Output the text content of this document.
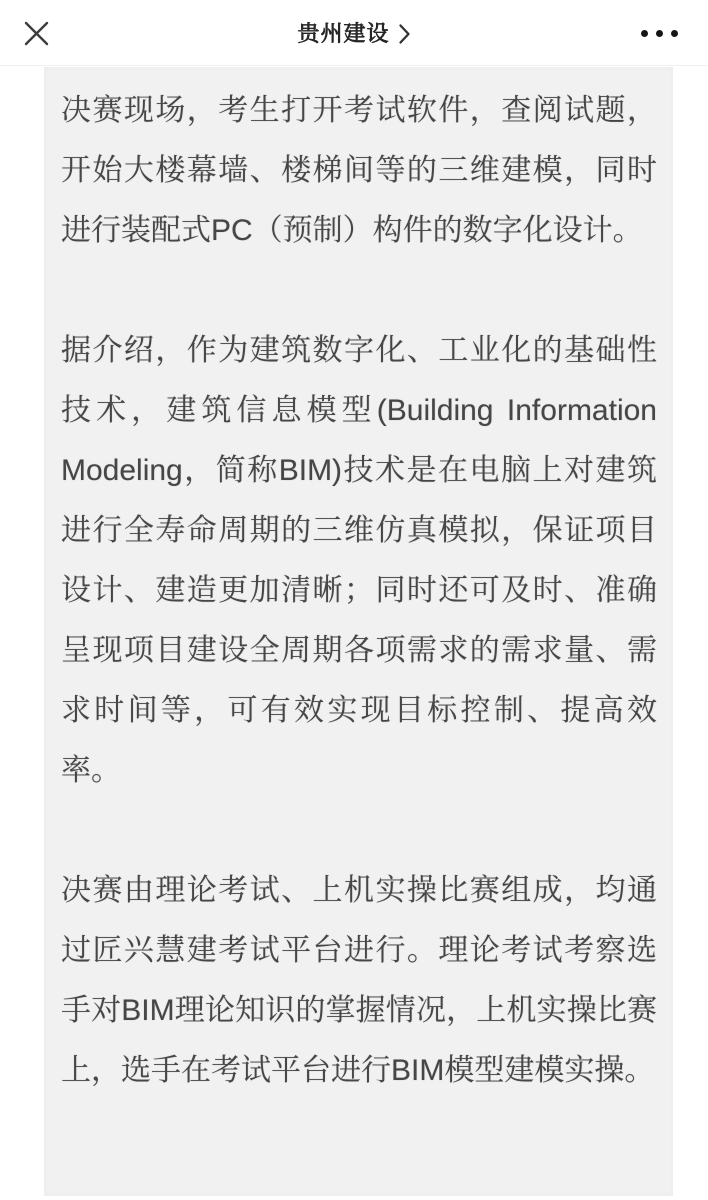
贵州建设

决赛现场，考生打开考试软件，查阅试题，开始大楼幕墙、楼梯间等的三维建模，同时进行装配式PC（预制）构件的数字化设计。

据介绍，作为建筑数字化、工业化的基础性技术，建筑信息模型(Building Information Modeling，简称BIM)技术是在电脑上对建筑进行全寿命周期的三维仿真模拟，保证项目设计、建造更加清晰；同时还可及时、准确呈现项目建设全周期各项需求的需求量、需求时间等，可有效实现目标控制、提高效率。

决赛由理论考试、上机实操比赛组成，均通过匠兴慧建考试平台进行。理论考试考察选手对BIM理论知识的掌握情况，上机实操比赛上，选手在考试平台进行BIM模型建模实操。
